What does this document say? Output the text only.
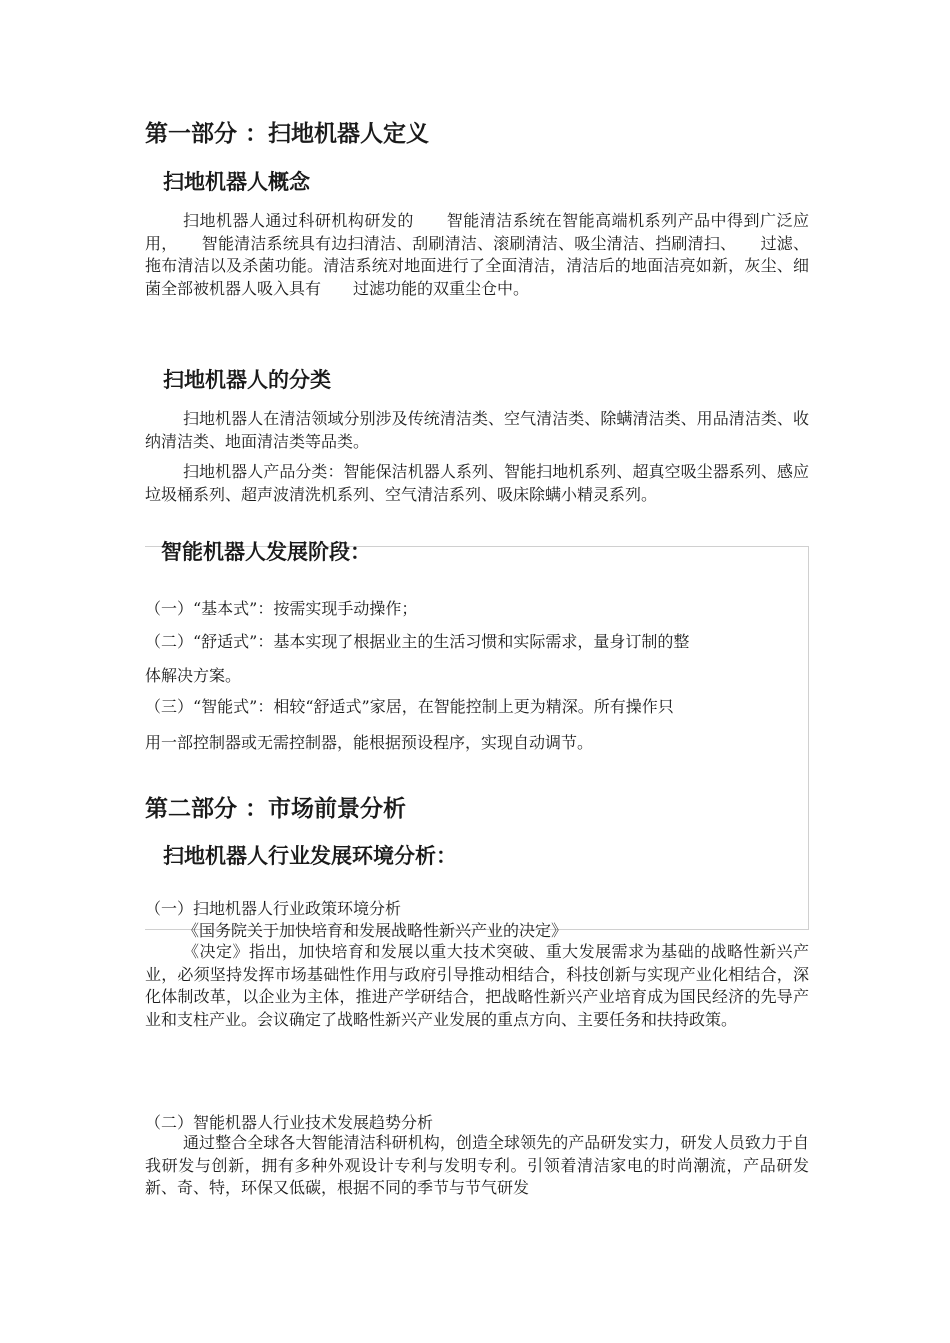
第一部分 ：扫地机器人定义
扫地机器人概念

扫地机器人通过科研机构研发的　　智能清洁系统在智能高端机系列产品中得到广泛应用，　　智能清洁系统具有边扫清洁、刮刷清洁、滚刷清洁、吸尘清洁、挡刷清扫、　　过滤、拖布清洁以及杀菌功能。清洁系统对地面进行了全面清洁，清洁后的地面洁亮如新，灰尘、细菌全部被机器人吸入具有　　过滤功能的双重尘仓中。

扫地机器人的分类

扫地机器人在清洁领域分别涉及传统清洁类、空气清洁类、除螨清洁类、用品清洁类、收纳清洁类、地面清洁类等品类。

扫地机器人产品分类：智能保洁机器人系列、智能扫地机系列、超真空吸尘器系列、感应垃圾桶系列、超声波清洗机系列、空气清洁系列、吸床除螨小精灵系列。

智能机器人发展阶段：
（一）“基本式”：按需实现手动操作；
（二）“舒适式”：基本实现了根据业主的生活习惯和实际需求，量身订制的整
体解决方案。
（三）“智能式”：相较“舒适式”家居，在智能控制上更为精深。所有操作只
用一部控制器或无需控制器，能根据预设程序，实现自动调节。
第二部分 ：市场前景分析
扫地机器人行业发展环境分析：
（一）扫地机器人行业政策环境分析
《国务院关于加快培育和发展战略性新兴产业的决定》

《决定》指出，加快培育和发展以重大技术突破、重大发展需求为基础的战略性新兴产业，必须坚持发挥市场基础性作用与政府引导推动相结合，科技创新与实现产业化相结合，深化体制改革，以企业为主体，推进产学研结合，把战略性新兴产业培育成为国民经济的先导产业和支柱产业。会议确定了战略性新兴产业发展的重点方向、主要任务和扶持政策。

（二）智能机器人行业技术发展趋势分析

通过整合全球各大智能清洁科研机构，创造全球领先的产品研发实力，研发人员致力于自我研发与创新，拥有多种外观设计专利与发明专利。引领着清洁家电的时尚潮流，产品研发新、奇、特，环保又低碳，根据不同的季节与节气研发
